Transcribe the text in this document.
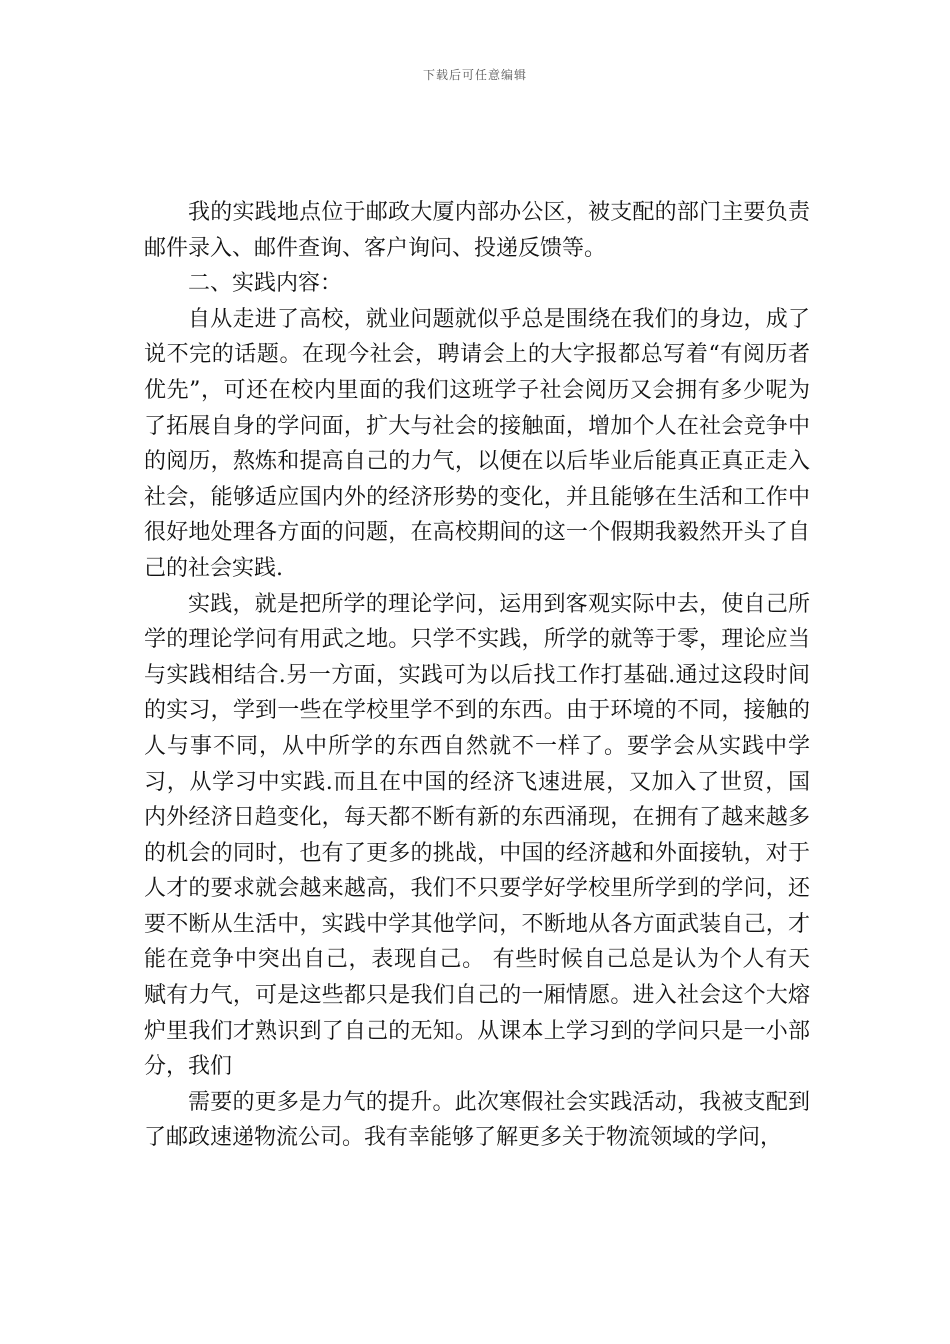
下载后可任意编辑

我的实践地点位于邮政大厦内部办公区，被支配的部门主要负责邮件录入、邮件查询、客户询问、投递反馈等。

二、实践内容：

自从走进了高校，就业问题就似乎总是围绕在我们的身边，成了说不完的话题。在现今社会，聘请会上的大字报都总写着“有阅历者优先”，可还在校内里面的我们这班学子社会阅历又会拥有多少呢为了拓展自身的学问面，扩大与社会的接触面，增加个人在社会竞争中的阅历，熬炼和提高自己的力气，以便在以后毕业后能真正真正走入社会，能够适应国内外的经济形势的变化，并且能够在生活和工作中很好地处理各方面的问题，在高校期间的这一个假期我毅然开头了自己的社会实践.

实践，就是把所学的理论学问，运用到客观实际中去，使自己所学的理论学问有用武之地。只学不实践，所学的就等于零，理论应当与实践相结合.另一方面，实践可为以后找工作打基础.通过这段时间的实习，学到一些在学校里学不到的东西。由于环境的不同，接触的人与事不同，从中所学的东西自然就不一样了。要学会从实践中学习，从学习中实践.而且在中国的经济飞速进展，又加入了世贸，国内外经济日趋变化，每天都不断有新的东西涌现，在拥有了越来越多的机会的同时，也有了更多的挑战，中国的经济越和外面接轨，对于人才的要求就会越来越高，我们不只要学好学校里所学到的学问，还要不断从生活中，实践中学其他学问，不断地从各方面武装自己，才能在竞争中突出自己，表现自己。 有些时候自己总是认为个人有天赋有力气，可是这些都只是我们自己的一厢情愿。进入社会这个大熔炉里我们才熟识到了自己的无知。从课本上学习到的学问只是一小部分，我们

需要的更多是力气的提升。此次寒假社会实践活动，我被支配到了邮政速递物流公司。我有幸能够了解更多关于物流领域的学问，
